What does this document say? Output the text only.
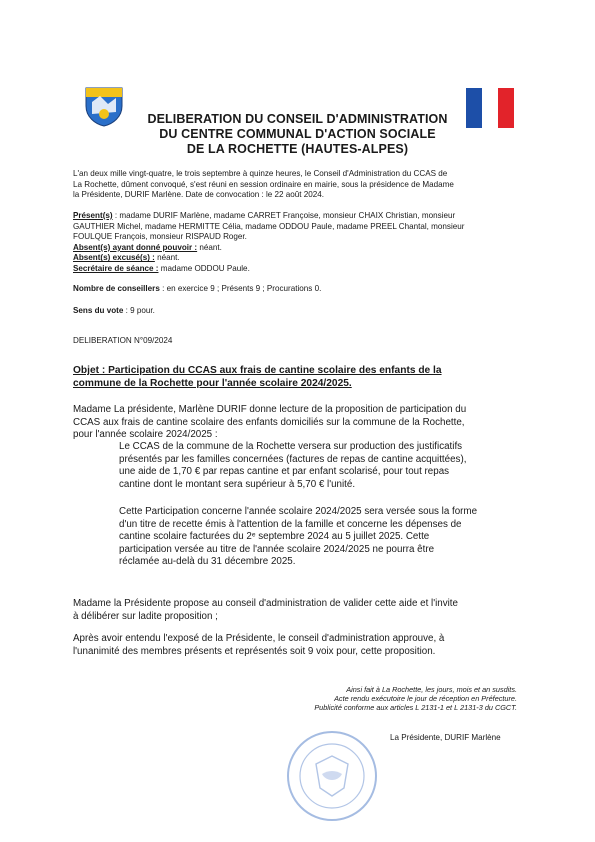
DELIBERATION DU CONSEIL D'ADMINISTRATION
DU CENTRE COMMUNAL D'ACTION SOCIALE
DE LA ROCHETTE (HAUTES-ALPES)
L'an deux mille vingt-quatre, le trois septembre à quinze heures, le Conseil d'Administration du CCAS de
La Rochette, dûment convoqué, s'est réuni en session ordinaire en mairie, sous la présidence de Madame
la Présidente, DURIF Marlène. Date de convocation : le 22 août 2024.
Présent(s) : madame DURIF Marlène, madame CARRET Françoise, monsieur CHAIX Christian, monsieur
GAUTHIER Michel, madame HERMITTE Célia, madame ODDOU Paule, madame PREEL Chantal, monsieur
FOULQUE François, monsieur RISPAUD Roger.
Absent(s) ayant donné pouvoir : néant.
Absent(s) excusé(s) : néant.
Secrétaire de séance : madame ODDOU Paule.
Nombre de conseillers : en exercice 9 ; Présents 9 ; Procurations 0.
Sens du vote : 9 pour.
DELIBERATION N°09/2024
Objet : Participation du CCAS aux frais de cantine scolaire des enfants de la
commune de la Rochette pour l'année scolaire 2024/2025.
Madame La présidente, Marlène DURIF donne lecture de la proposition de participation du
CCAS aux frais de cantine scolaire des enfants domiciliés sur la commune de la Rochette,
pour l'année scolaire 2024/2025 :
Le CCAS de la commune de la Rochette versera sur production des justificatifs
présentés par les familles concernées (factures de repas de cantine acquittées),
une aide de 1,70 € par repas cantine et par enfant scolarisé, pour tout repas
cantine dont le montant sera supérieur à 5,70 € l'unité.
Cette Participation concerne l'année scolaire 2024/2025 sera versée sous la forme
d'un titre de recette émis à l'attention de la famille et concerne les dépenses de
cantine scolaire facturées du 2ᵉ septembre 2024 au 5 juillet 2025. Cette
participation versée au titre de l'année scolaire 2024/2025 ne pourra être
réclamée au-delà du 31 décembre 2025.
Madame la Présidente propose au conseil d'administration de valider cette aide et l'invite
à délibérer sur ladite proposition ;
Après avoir entendu l'exposé de la Présidente, le conseil d'administration approuve, à
l'unanimité des membres présents et représentés soit 9 voix pour, cette proposition.
Ainsi fait à La Rochette, les jours, mois et an susdits.
Acte rendu exécutoire le jour de réception en Préfecture.
Publicité conforme aux articles L 2131-1 et L 2131-3 du CGCT.
La Présidente, DURIF Marlène
